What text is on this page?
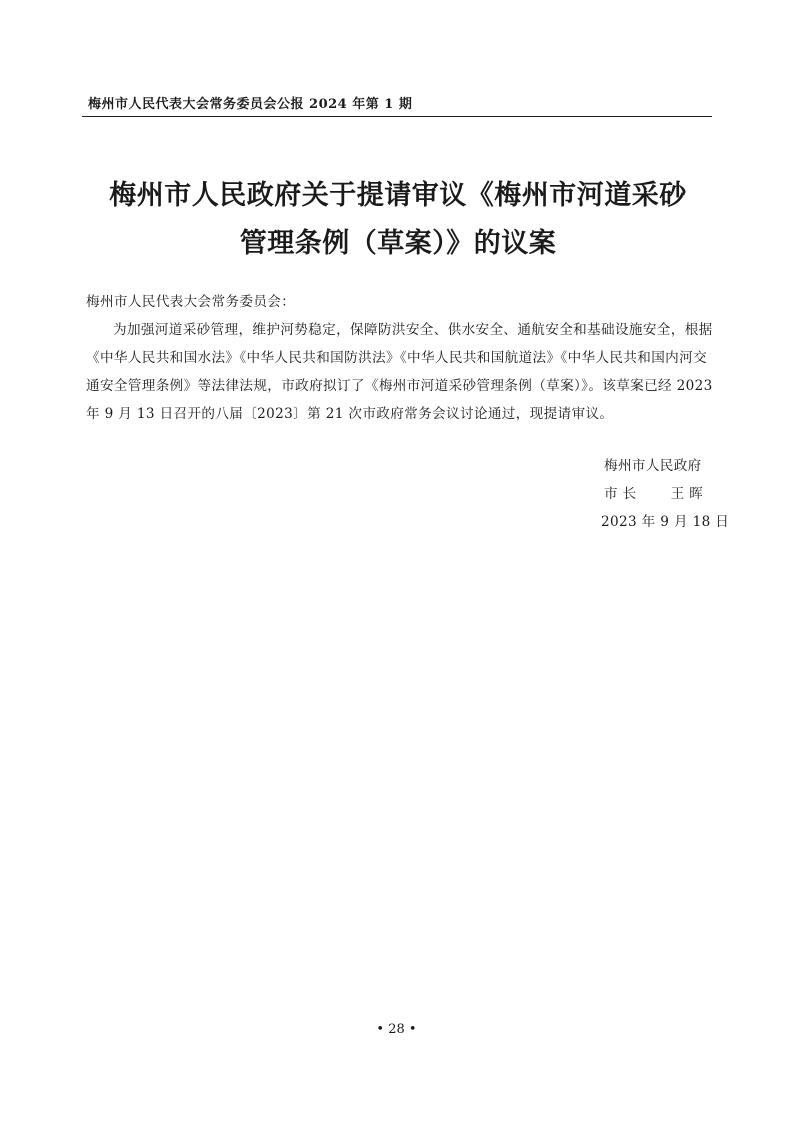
梅州市人民代表大会常务委员会公报 2024 年第 1 期
梅州市人民政府关于提请审议《梅州市河道采砂
管理条例（草案）》的议案
梅州市人民代表大会常务委员会：
为加强河道采砂管理，维护河势稳定，保障防洪安全、供水安全、通航安全和基础设施安全，根据
《中华人民共和国水法》《中华人民共和国防洪法》《中华人民共和国航道法》《中华人民共和国内河交
通安全管理条例》等法律法规，市政府拟订了《梅州市河道采砂管理条例（草案）》。该草案已经 2023
年 9 月 13 日召开的八届〔2023〕第 21 次市政府常务会议讨论通过，现提请审议。
梅州市人民政府
市 长	王 晖
2023 年 9 月 18 日
• 28 •
